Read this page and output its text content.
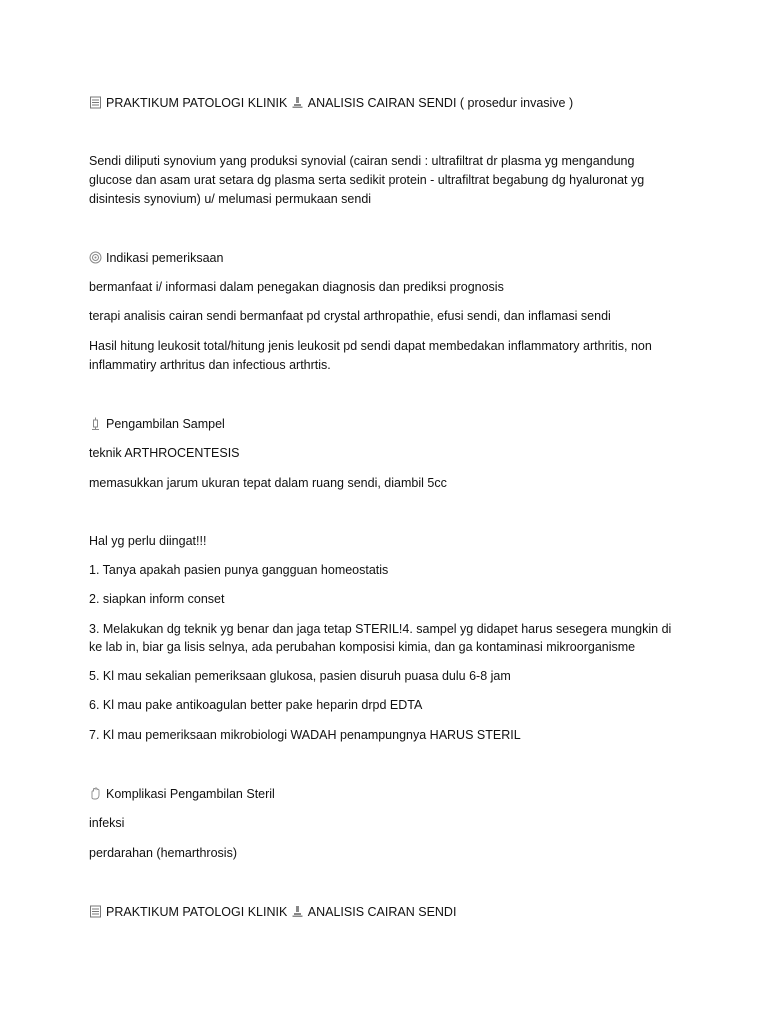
PRAKTIKUM PATOLOGI KLINIK ANALISIS CAIRAN SENDI ( prosedur invasive )
Sendi diliputi synovium yang produksi synovial (cairan sendi : ultrafiltrat dr plasma yg mengandung
glucose dan asam urat setara dg plasma serta sedikit protein - ultrafiltrat begabung dg hyaluronat yg
disintesis synovium) u/ melumasi permukaan sendi
Indikasi pemeriksaan
bermanfaat i/ informasi dalam penegakan diagnosis dan prediksi prognosis
terapi analisis cairan sendi bermanfaat pd crystal arthropathie, efusi sendi, dan inflamasi sendi
Hasil hitung leukosit total/hitung jenis leukosit pd sendi dapat membedakan inflammatory arthritis, non
inflammatiry arthritus dan infectious arthrtis.
Pengambilan Sampel
teknik ARTHROCENTESIS
memasukkan jarum ukuran tepat dalam ruang sendi, diambil 5cc
Hal yg perlu diingat!!!
1. Tanya apakah pasien punya gangguan homeostatis
2. siapkan inform conset
3. Melakukan dg teknik yg benar dan jaga tetap STERIL!4. sampel yg didapet harus sesegera mungkin di
ke lab in, biar ga lisis selnya, ada perubahan komposisi kimia, dan ga kontaminasi mikroorganisme
5. Kl mau sekalian pemeriksaan glukosa, pasien disuruh puasa dulu 6-8 jam
6. Kl mau pake antikoagulan better pake heparin drpd EDTA
7. Kl mau pemeriksaan mikrobiologi WADAH penampungnya HARUS STERIL
Komplikasi Pengambilan Steril
infeksi
perdarahan (hemarthrosis)
PRAKTIKUM PATOLOGI KLINIK ANALISIS CAIRAN SENDI
